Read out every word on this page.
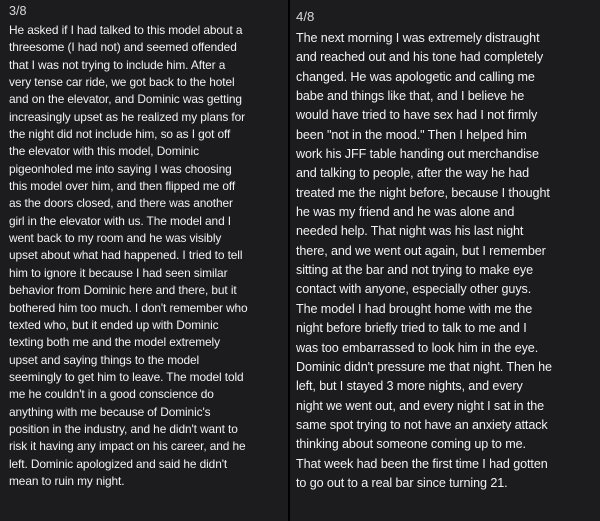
3/8
He asked if I had talked to this model about a
threesome (I had not) and seemed offended
that I was not trying to include him. After a
very tense car ride, we got back to the hotel
and on the elevator, and Dominic was getting
increasingly upset as he realized my plans for
the night did not include him, so as I got off
the elevator with this model, Dominic
pigeonholed me into saying I was choosing
this model over him, and then flipped me off
as the doors closed, and there was another
girl in the elevator with us. The model and I
went back to my room and he was visibly
upset about what had happened. I tried to tell
him to ignore it because I had seen similar
behavior from Dominic here and there, but it
bothered him too much. I don't remember who
texted who, but it ended up with Dominic
texting both me and the model extremely
upset and saying things to the model
seemingly to get him to leave. The model told
me he couldn't in a good conscience do
anything with me because of Dominic's
position in the industry, and he didn't want to
risk it having any impact on his career, and he
left. Dominic apologized and said he didn't
mean to ruin my night.
4/8
The next morning I was extremely distraught
and reached out and his tone had completely
changed. He was apologetic and calling me
babe and things like that, and I believe he
would have tried to have sex had I not firmly
been "not in the mood." Then I helped him
work his JFF table handing out merchandise
and talking to people, after the way he had
treated me the night before, because I thought
he was my friend and he was alone and
needed help. That night was his last night
there, and we went out again, but I remember
sitting at the bar and not trying to make eye
contact with anyone, especially other guys.
The model I had brought home with me the
night before briefly tried to talk to me and I
was too embarrassed to look him in the eye.
Dominic didn't pressure me that night. Then he
left, but I stayed 3 more nights, and every
night we went out, and every night I sat in the
same spot trying to not have an anxiety attack
thinking about someone coming up to me.
That week had been the first time I had gotten
to go out to a real bar since turning 21.
